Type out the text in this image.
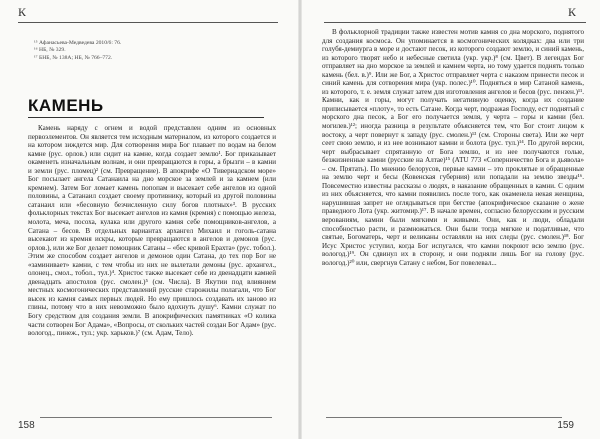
К
¹⁵ Афанасьева-Медведева 2010/6: 76.
¹⁶ НБ, № 329.
¹⁷ БНБ, № 138А; НБ, № 766–772.
КАМЕНЬ
Камень наряду с огнем и водой представлен одним из основных первоэлементов. Он является тем исходным материалом, из которого создается и на котором зиждется мир. Для сотворения мира Бог плавает по водам на белом камне (рус. орлов.) или сидит на камне, когда создает землю¹. Бог приказывает окаменеть изначальным волнам, и они превращаются в горы, а брызги – в камни и земли (рус. пломец)² (см. Превращение). В апокрифе «О Тивериадском море» Бог посылает ангела Сатанаила на дно морское за землей и за камнем (или кремнем). Затем Бог ломает камень попопам и высекает себе ангелов из одной половины, а Сатанаил создает своему противнику, который из другой половины сатанаил или «бесовную безчисленную силу богов плотных»³. В русских фольклорных текстах Бог высекает ангелов из камня (кремня) с помощью железа, молота, меча, посоха, кулака или другого камня себе помощников-ангелов, а Сатана – бесов. В отдельных вариантах архангел Михаил и гоголь-сатана высекают из кремня искры, которые превращаются в ангелов и демонов (рус. орлов.), или же Бог делает помощник Сатаны – «бес кривой Ерахта» (рус. тобол.). Этим же способом создает ангелов и демонов один Сатана, до тех пор Бог не «заминивает» камни, с тем чтобы из них не вылетали демоны (рус. архангел., олонец., смол., тобол., тул.)⁴. Христос также высекает себе из двенадцати камней двенадцать апостолов (рус. смолен.)⁵ (см. Числа). В Якутии под влиянием местных космогонических представлений русские старожилы полагали, что Бог высек из камня самых первых людей. Но ему пришлось создавать их заново из глины, потому что в них невозможно было вдохнуть душу⁶. Камни служат по Богу средством для создания земли. В апокрифических памятниках «О колика части сотворен Бог Адама», «Вопросы, от скольких частей создан Бог Адам» (рус. вологод., пинеж., тул.; укр. харьков.)⁷ (см. Адам, Тело).
158
К
В фольклорной традиции также известен мотив камня со дна морского, поднятого для создания космоса. Он упоминается в космогонических колядках: два или три голубя-демиурга в море и достают песок, из которого создают землю, и синий камень, из которого творят небо и небесные светила (укр. укр.)⁸ (см. Цвет). В легендах Бог отправляет на дно морское за землей и камнем черта, но тому удается поднять только камень (бел. в.)⁹. Или же Бог, а Христос отправляет черта с наказом принести песок и синий камень для сотворения мира (укр. полес.)¹⁰. Подняться в мир Сатаной камень, из которого, т. е. земля служат затем для изготовления ангелов и бесов (рус. пензен.)¹¹. Камни, как и горы, могут получать негативную оценку, когда их создание приписывается «плоту», то есть Сатане. Когда черт, подражая Господу, ест поднятый с морского дна песок, а Бог его получается земля, у черта – горы и камни (бел. могилев.)¹²; иногда разница в результате объясняется тем, что Бог стоит лицом к востоку, а черт повернут к западу (рус. смолен.)¹³ (см. Стороны света). Или же черт сеет свою землю, и из нее возникают камни и болота (рус. тул.)¹⁴. По другой версии, черт выбрасывает спрятанную от Бога землю, и из нее получаются голые, безжизненные камни (русские на Алтае)¹⁵ (АТU 773 «Соперничество Бога и дьявола» – см. Прятать). По мнению белорусов, первые камни – это проклятые и обращенные на землю черт и бесы (Ковенская губерния) или попадали на землю звезды¹⁶. Повсеместно известны рассказы о людях, в наказание обращенных в камни. С одним из них объясняется, что камни появились после того, как окаменела некая женщина, нарушившая запрет не оглядываться при бегстве (апокрифическое сказание о жене праведного Лота (укр. житомир.)¹⁷. В начале времен, согласно белорусским и русским верованиям, камни были мягкими и живыми. Они, как и люди, обладали способностью расти, и размножаться. Они были тогда мягкие и податливые, что святые, Богоматерь, черт и великаны оставляли на них следы (рус. смолен.)¹⁸. Бог Исус Христос уступил, когда Бог испугался, что камни покроют всю землю (рус. вологод.)¹⁹. Он сдвинул их в сторону, и они подняли лишь Бог на голову (рус. вологод.)²⁰ или, свергнув Сатану с небом, Бог повелевал...
159
